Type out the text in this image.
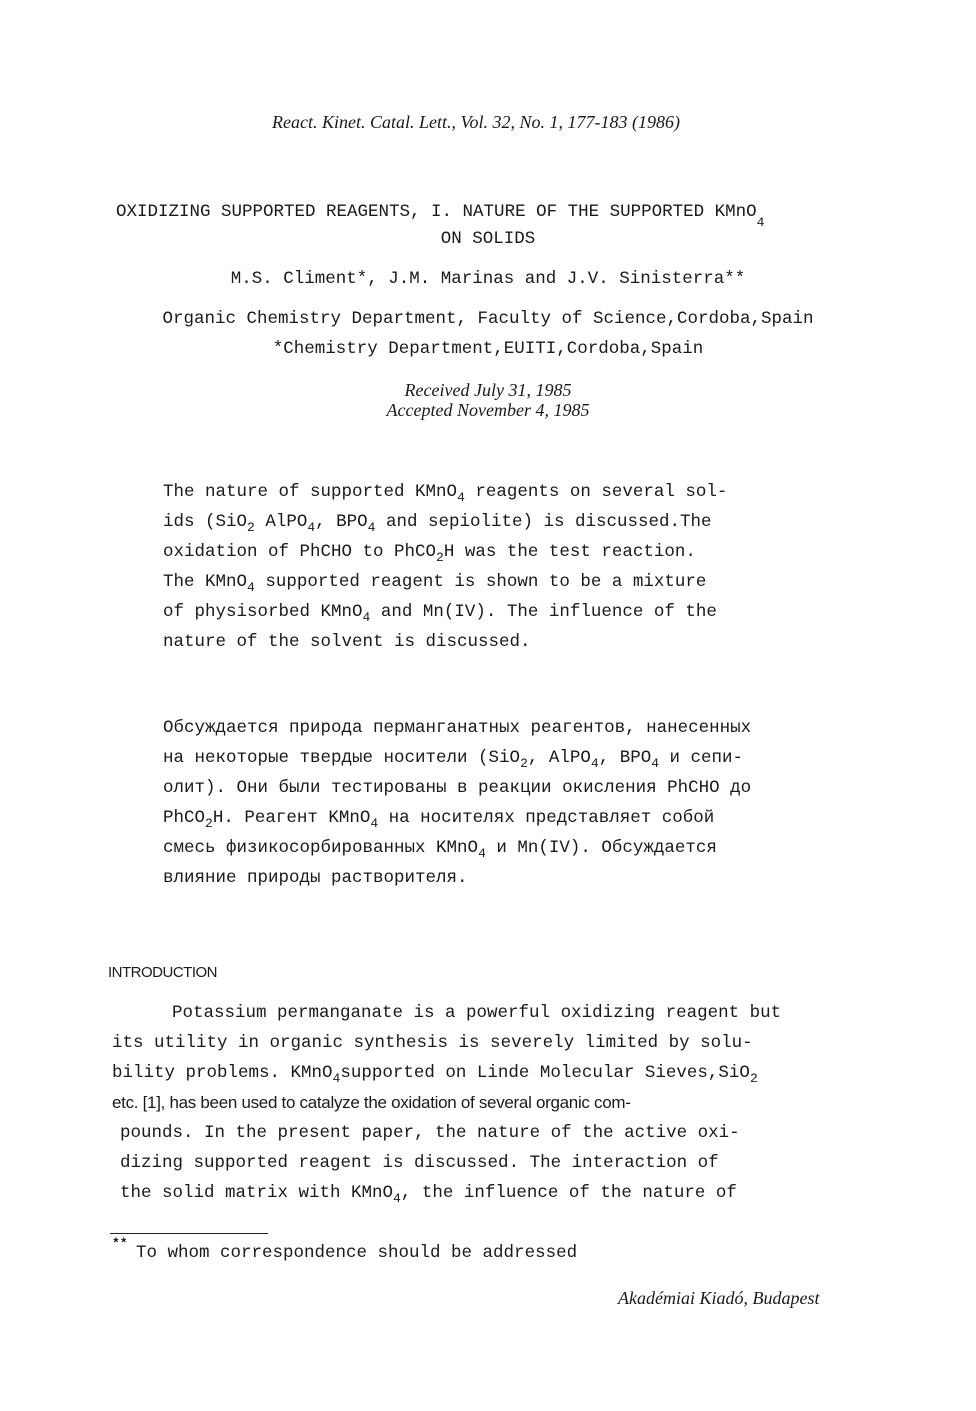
React. Kinet. Catal. Lett., Vol. 32, No. 1, 177-183 (1986)
OXIDIZING SUPPORTED REAGENTS, I. NATURE OF THE SUPPORTED KMnO$_4$
ON SOLIDS
M.S. Climent*, J.M. Marinas and J.V. Sinisterra**
Organic Chemistry Department, Faculty of Science,Cordoba,Spain
*Chemistry Department,EUITI,Cordoba,Spain
Received July 31, 1985
Accepted November 4, 1985
The nature of supported KMnO$_4$ reagents on several sol-
ids (SiO$_2$ AlPO$_4$, $BPO_4$ and sepiolite) is discussed.The
oxidation of PhCHO to PhCO$_2$H was the test reaction.
The KMnO$_4$ supported reagent is shown to be a mixture
of physisorbed KMnO$_4$ and Mn(IV). The influence of the
nature of the solvent is discussed.
Обсуждается природа перманганатных реагентов, нанесенных
на некоторые твердые носители (SiO$_2$, AlPO$_4$, $BPO_4$ и сепи-
олит). Они были тестированы в реакции окисления PhCHO до
PhCO$_2$H. Реагент KMnO$_4$ на носителях представляет собой
смесь физикосорбированных KMnO$_4$ и Mn(IV). Обсуждается
влияние природы растворителя.
INTRODUCTION
Potassium permanganate is a powerful oxidizing reagent but
its utility in organic synthesis is severely limited by solu-
bility problems. KMnO$_4$supported on Linde Molecular Sieves,SiO$_2$
etc. [1], has been used to catalyze the oxidation of several organic com-
pounds. In the present paper, the nature of the active oxi-
dizing supported reagent is discussed. The interaction of
the solid matrix with KMnO$_4$, the influence of the nature of
** To whom correspondence should be addressed
Akadémiai Kiadó, Budapest
